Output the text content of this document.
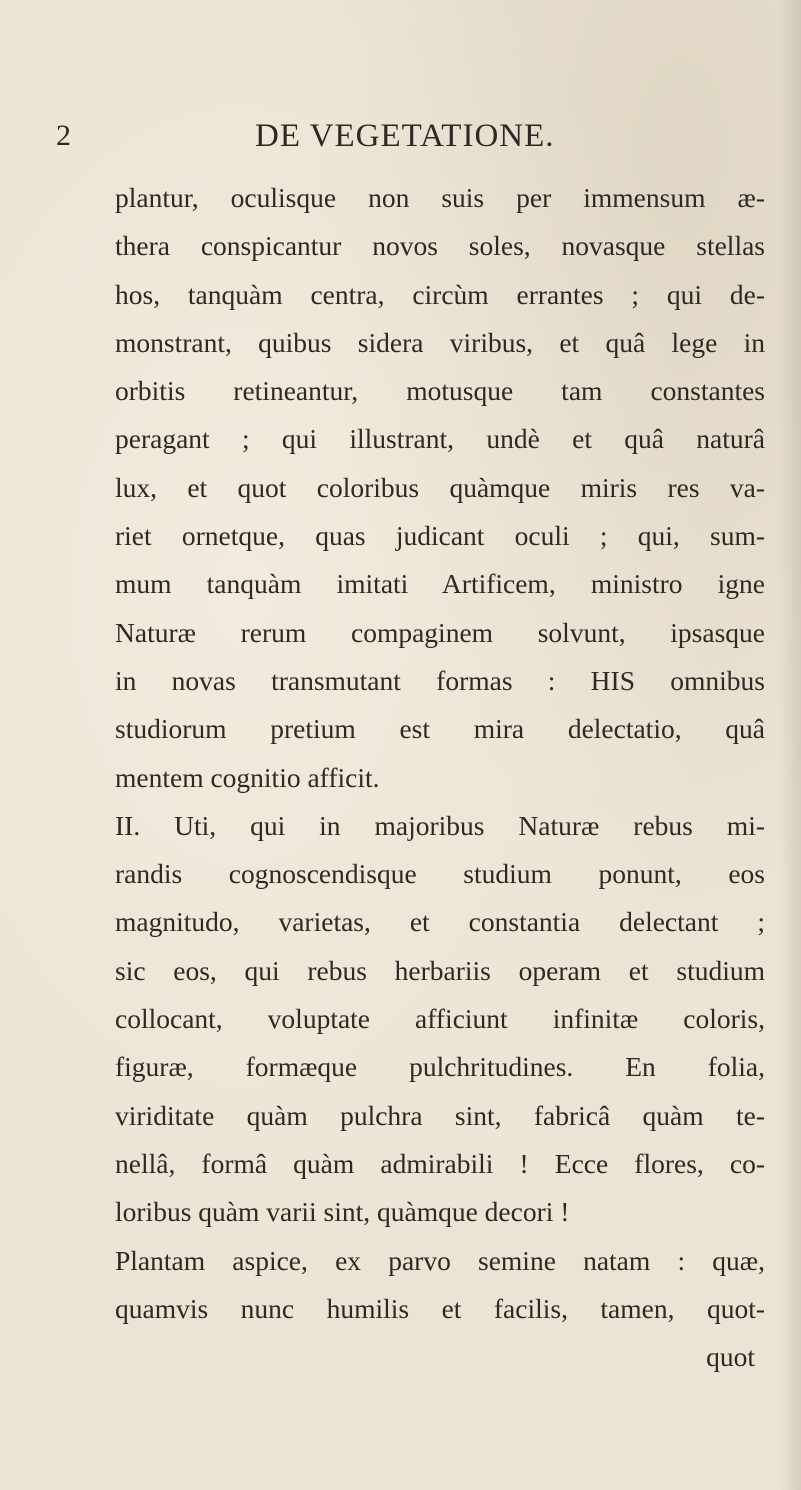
2	DE VEGETATIONE.
plantur, oculisque non suis per immensum æ-
thera conspicantur novos soles, novasque stellas
hos, tanquàm centra, circùm errantes ; qui de-
monstrant, quibus sidera viribus, et quâ lege in
orbitis retineantur, motusque tam constantes
peragant ; qui illustrant, undè et quâ naturâ
lux, et quot coloribus quàmque miris res va-
riet ornetque, quas judicant oculi ; qui, sum-
mum tanquàm imitati Artificem, ministro igne
Naturæ rerum compaginem solvunt, ipsasque
in novas transmutant formas : HIS omnibus
studiorum pretium est mira delectatio, quâ
mentem cognitio afficit.
II. Uti, qui in majoribus Naturæ rebus mi-
randis cognoscendisque studium ponunt, eos
magnitudo, varietas, et constantia delectant ;
sic eos, qui rebus herbariis operam et studium
collocant, voluptate afficiunt infinitæ coloris,
figuræ, formæque pulchritudines. En folia,
viriditate quàm pulchra sint, fabricâ quàm te-
nellâ, formâ quàm admirabili ! Ecce flores, co-
loribus quàm varii sint, quàmque decori !
Plantam aspice, ex parvo semine natam : quæ,
quamvis nunc humilis et facilis, tamen, quot-
quot
